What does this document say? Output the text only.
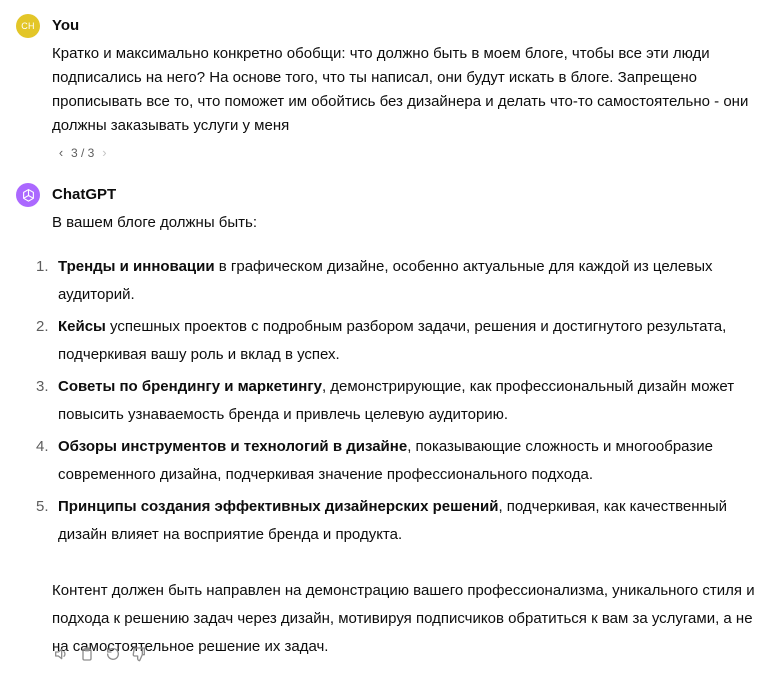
CH	You

Кратко и максимально конкретно обобщи: что должно быть в моем блоге, чтобы все эти люди подписались на него? На основе того, что ты написал, они будут искать в блоге. Запрещено прописывать все то, что поможет им обойтись без дизайнера и делать что-то самостоятельно - они должны заказывать услуги у меня

‹ 3 / 3 ›
ChatGPT

В вашем блоге должны быть:

1. Тренды и инновации в графическом дизайне, особенно актуальные для каждой из целевых аудиторий.
2. Кейсы успешных проектов с подробным разбором задачи, решения и достигнутого результата, подчеркивая вашу роль и вклад в успех.
3. Советы по брендингу и маркетингу, демонстрирующие, как профессиональный дизайн может повысить узнаваемость бренда и привлечь целевую аудиторию.
4. Обзоры инструментов и технологий в дизайне, показывающие сложность и многообразие современного дизайна, подчеркивая значение профессионального подхода.
5. Принципы создания эффективных дизайнерских решений, подчеркивая, как качественный дизайн влияет на восприятие бренда и продукта.

Контент должен быть направлен на демонстрацию вашего профессионализма, уникального стиля и подхода к решению задач через дизайн, мотивируя подписчиков обратиться к вам за услугами, а не на самостоятельное решение их задач.
